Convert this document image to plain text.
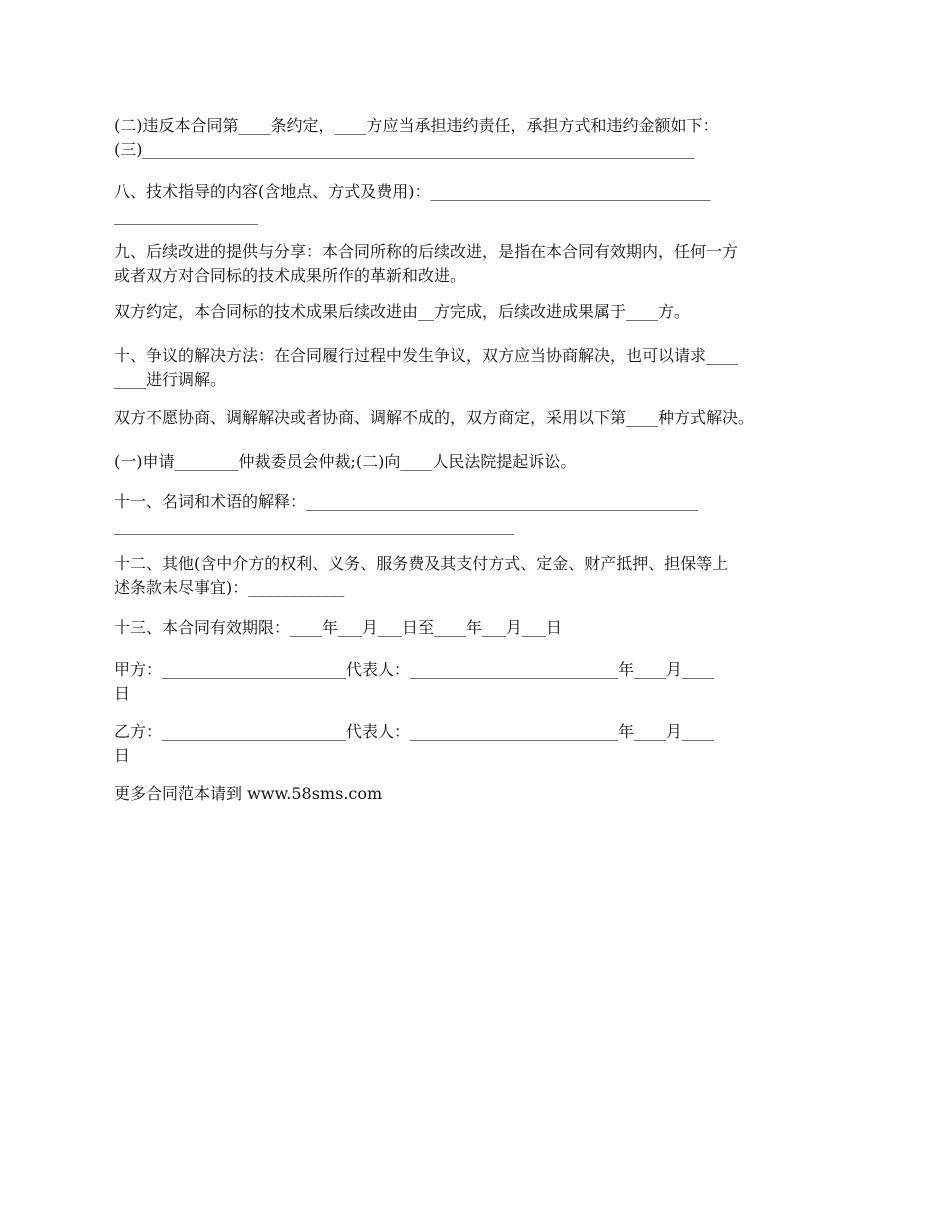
(二)违反本合同第____条约定，____方应当承担违约责任，承担方式和违约金额如下：
(三)_____________________________________________________________________
八、技术指导的内容(含地点、方式及费用)：___________________________________
__________________
九、后续改进的提供与分享：本合同所称的后续改进，是指在本合同有效期内，任何一方
或者双方对合同标的技术成果所作的革新和改进。
双方约定，本合同标的技术成果后续改进由__方完成，后续改进成果属于____方。
十、争议的解决方法：在合同履行过程中发生争议，双方应当协商解决，也可以请求____
____进行调解。
双方不愿协商、调解解决或者协商、调解不成的，双方商定，采用以下第____种方式解决。
(一)申请________仲裁委员会仲裁;(二)向____人民法院提起诉讼。
十一、名词和术语的解释：_________________________________________________
__________________________________________________
十二、其他(含中介方的权利、义务、服务费及其支付方式、定金、财产抵押、担保等上
述条款未尽事宜)：____________
十三、本合同有效期限：____年___月___日至____年___月___日
甲方：_______________________代表人：__________________________年____月____
日
乙方：_______________________代表人：__________________________年____月____
日
更多合同范本请到 www.58sms.com
